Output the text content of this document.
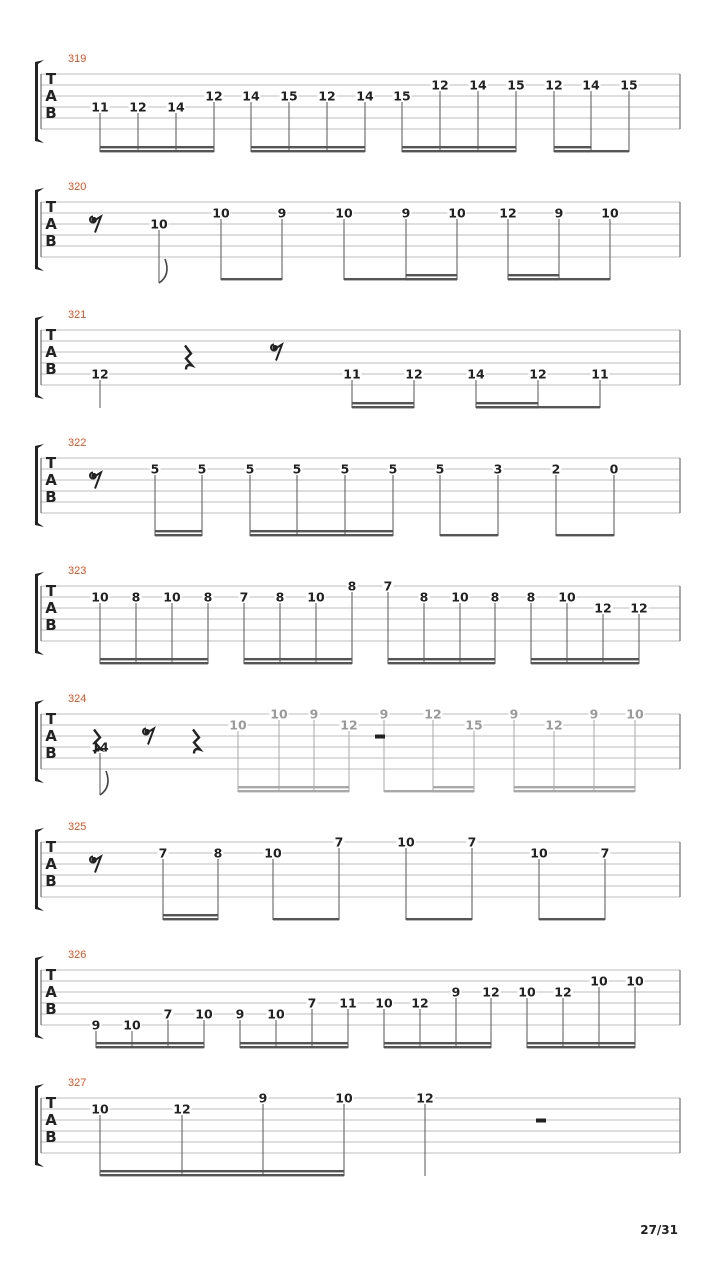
319
T
A
B	11 12 14
12 14 15 12 14 15
12 14 15 12 14 15
320
T
A
B
10
10	9	10	9	10	12	9	10
321
T
A
B	12	11	12	14	12	11
322
T
A
B
5	5	5	5	5	5	5	3	2	0
323
T
A
B
10 8 10 8 7 8 10
8 7
8 10 8 8 10
12 12
324
T
A
B	14
10
10 9
12
9	12
15
9
12
9 10
325
T
A
B
7	8	10
7	10	7
10	7
326
T
A
B
9 10
7 10 9 10
7 11 10 12
9 12 10 12
10 10
327
T
A
B
10	12
9	10	12
27/31
